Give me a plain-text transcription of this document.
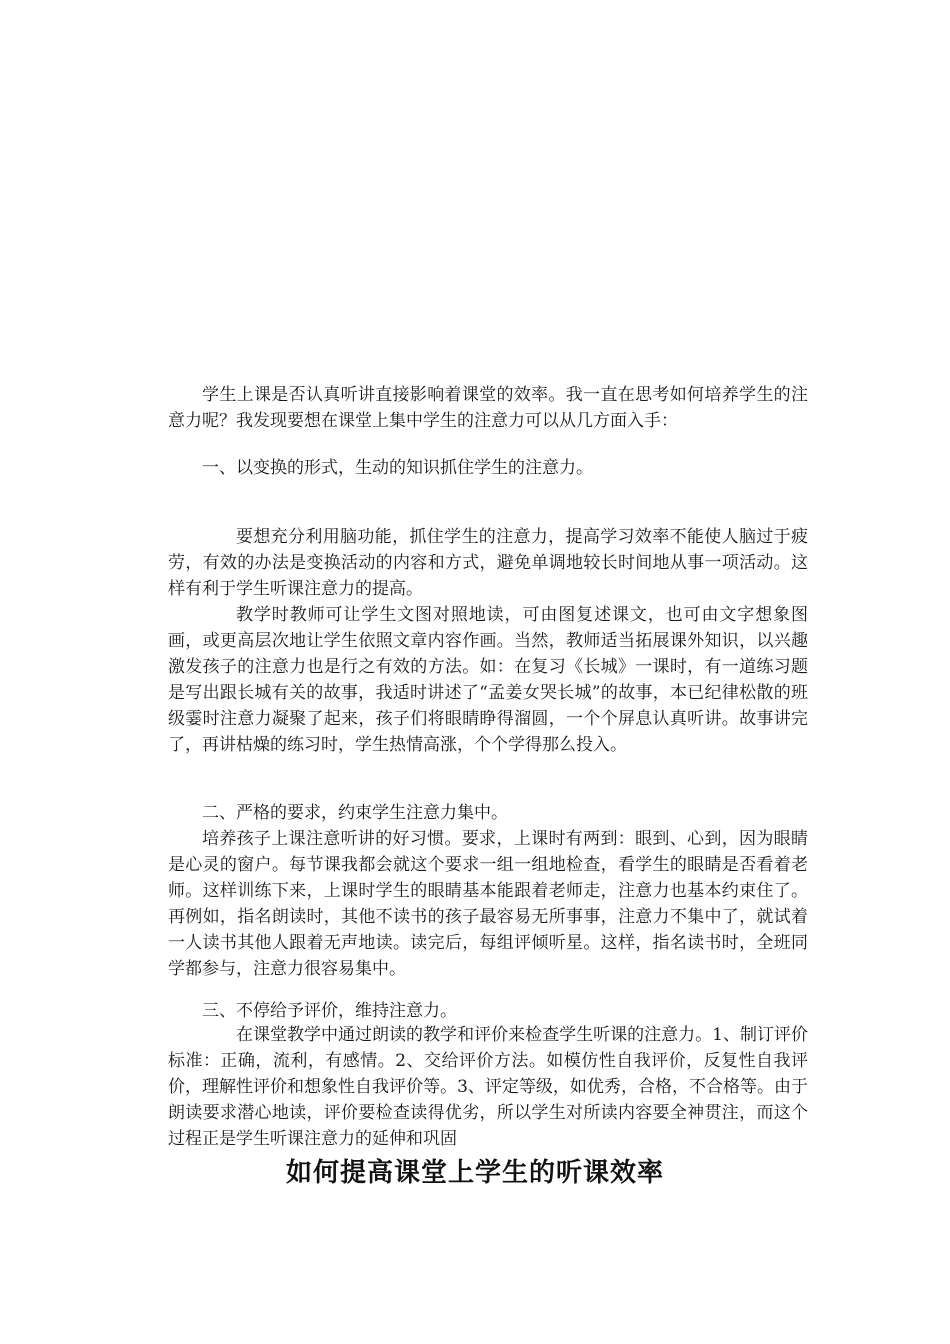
学生上课是否认真听讲直接影响着课堂的效率。我一直在思考如何培养学生的注意力呢？我发现要想在课堂上集中学生的注意力可以从几方面入手：

一、以变换的形式，生动的知识抓住学生的注意力。

要想充分利用脑功能，抓住学生的注意力，提高学习效率不能使人脑过于疲劳，有效的办法是变换活动的内容和方式，避免单调地较长时间地从事一项活动。这样有利于学生听课注意力的提高。

教学时教师可让学生文图对照地读，可由图复述课文，也可由文字想象图画，或更高层次地让学生依照文章内容作画。当然，教师适当拓展课外知识，以兴趣激发孩子的注意力也是行之有效的方法。如：在复习《长城》一课时，有一道练习题是写出跟长城有关的故事，我适时讲述了“孟姜女哭长城”的故事，本已纪律松散的班级霎时注意力凝聚了起来，孩子们将眼睛睁得溜圆，一个个屏息认真听讲。故事讲完了，再讲枯燥的练习时，学生热情高涨，个个学得那么投入。

二、严格的要求，约束学生注意力集中。

培养孩子上课注意听讲的好习惯。要求，上课时有两到：眼到、心到，因为眼睛是心灵的窗户。每节课我都会就这个要求一组一组地检查，看学生的眼睛是否看着老师。这样训练下来，上课时学生的眼睛基本能跟着老师走，注意力也基本约束住了。再例如，指名朗读时，其他不读书的孩子最容易无所事事，注意力不集中了，就试着一人读书其他人跟着无声地读。读完后，每组评倾听星。这样，指名读书时，全班同学都参与，注意力很容易集中。

三、不停给予评价，维持注意力。

在课堂教学中通过朗读的教学和评价来检查学生听课的注意力。1、制订评价标准：正确，流利，有感情。2、交给评价方法。如模仿性自我评价，反复性自我评价，理解性评价和想象性自我评价等。3、评定等级，如优秀，合格，不合格等。由于朗读要求潜心地读，评价要检查读得优劣，所以学生对所读内容要全神贯注，而这个过程正是学生听课注意力的延伸和巩固

如何提高课堂上学生的听课效率
